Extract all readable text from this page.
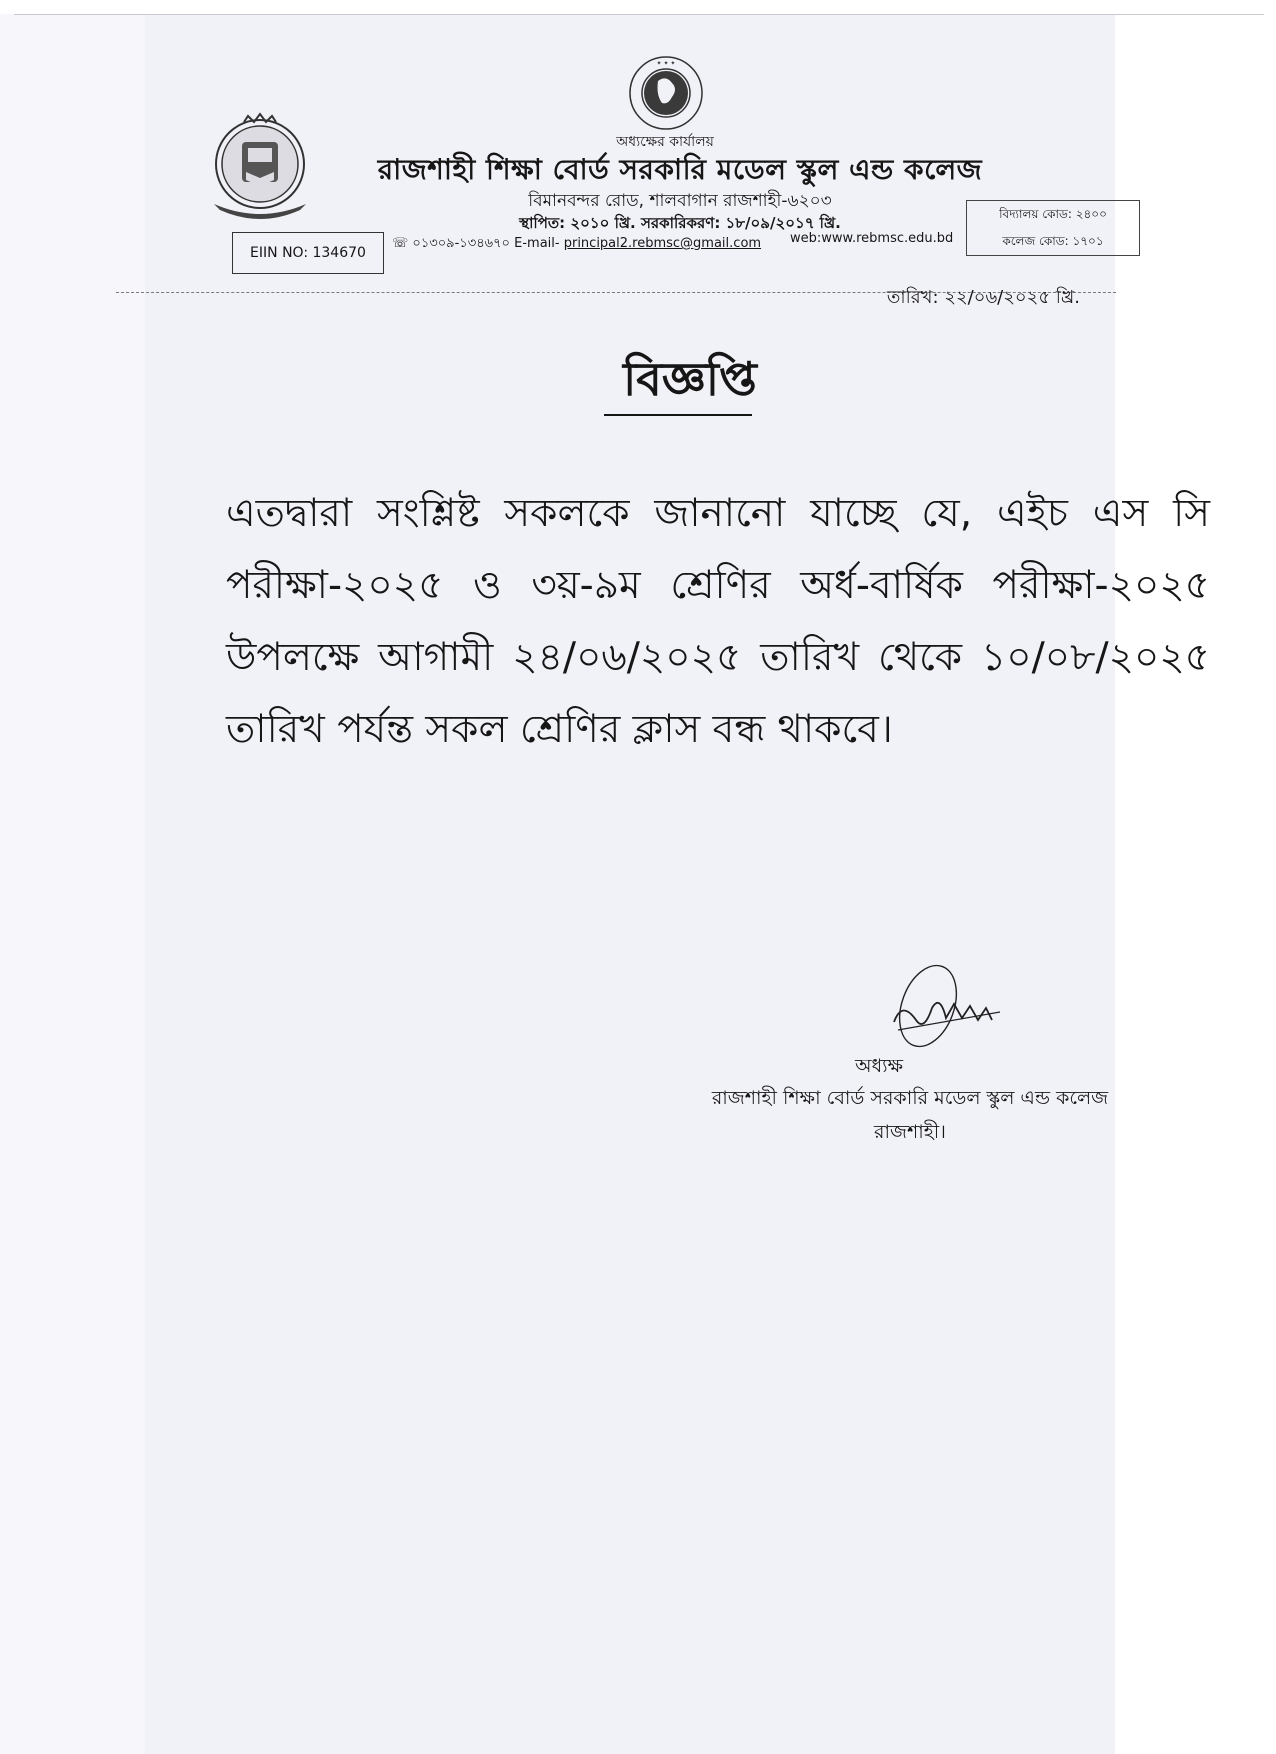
✦ ✦ ✦
অধ্যক্ষের কার্যালয়
রাজশাহী শিক্ষা বোর্ড সরকারি মডেল স্কুল এন্ড কলেজ
বিমানবন্দর রোড, শালবাগান রাজশাহী-৬২০৩
স্থাপিত: ২০১০ খ্রি. সরকারিকরণ: ১৮/০৯/২০১৭ খ্রি.
EIIN NO: 134670
☏ ০১৩০৯-১৩৪৬৭০ E-mail- principal2.rebmsc@gmail.com	web:www.rebmsc.edu.bd
বিদ্যালয় কোড: ২৪০০
কলেজ কোড: ১৭০১
তারিখ: ২২/০৬/২০২৫ খ্রি.
বিজ্ঞপ্তি
এতদ্বারা সংশ্লিষ্ট সকলকে জানানো যাচ্ছে যে, এইচ এস সি পরীক্ষা-২০২৫ ও ৩য়-৯ম শ্রেণির অর্ধ-বার্ষিক পরীক্ষা-২০২৫ উপলক্ষে আগামী ২৪/০৬/২০২৫ তারিখ থেকে ১০/০৮/২০২৫ তারিখ পর্যন্ত সকল শ্রেণির ক্লাস বন্ধ থাকবে।
অধ্যক্ষ
রাজশাহী শিক্ষা বোর্ড সরকারি মডেল স্কুল এন্ড কলেজ
রাজশাহী।
